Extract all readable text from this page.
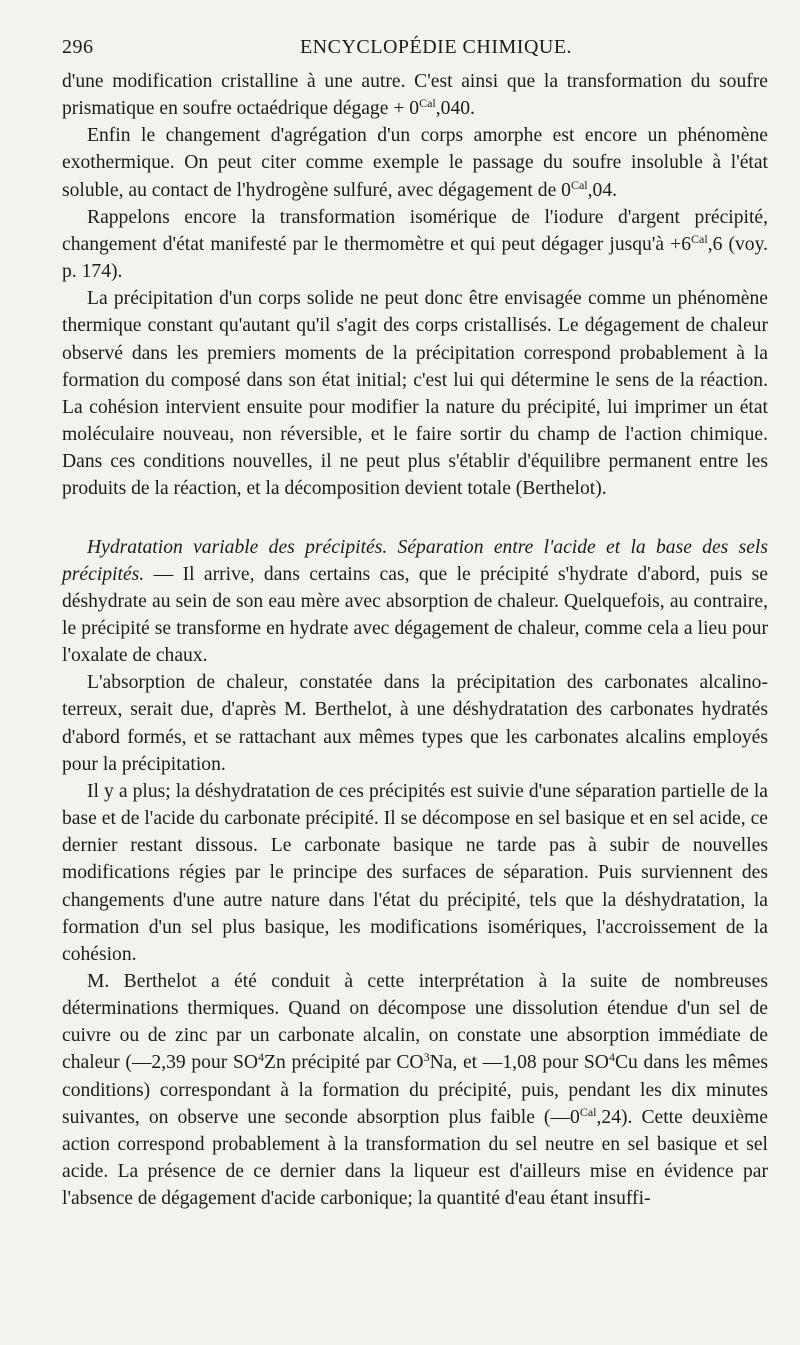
296	ENCYCLOPÉDIE CHIMIQUE.

d'une modification cristalline à une autre. C'est ainsi que la transformation du soufre prismatique en soufre octaédrique dégage + $0^{Cal},040$.

Enfin le changement d'agrégation d'un corps amorphe est encore un phénomène exothermique. On peut citer comme exemple le passage du soufre insoluble à l'état soluble, au contact de l'hydrogène sulfuré, avec dégagement de $0^{Cal},04$.

Rappelons encore la transformation isomérique de l'iodure d'argent précipité, changement d'état manifesté par le thermomètre et qui peut dégager jusqu'à $+6^{Cal},6$ (voy. p. 174).

La précipitation d'un corps solide ne peut donc être envisagée comme un phénomène thermique constant qu'autant qu'il s'agit des corps cristallisés. Le dégagement de chaleur observé dans les premiers moments de la précipitation correspond probablement à la formation du composé dans son état initial; c'est lui qui détermine le sens de la réaction. La cohésion intervient ensuite pour modifier la nature du précipité, lui imprimer un état moléculaire nouveau, non réversible, et le faire sortir du champ de l'action chimique. Dans ces conditions nouvelles, il ne peut plus s'établir d'équilibre permanent entre les produits de la réaction, et la décomposition devient totale (Berthelot).

Hydratation variable des précipités. Séparation entre l'acide et la base des sels précipités. — Il arrive, dans certains cas, que le précipité s'hydrate d'abord, puis se déshydrate au sein de son eau mère avec absorption de chaleur. Quelquefois, au contraire, le précipité se transforme en hydrate avec dégagement de chaleur, comme cela a lieu pour l'oxalate de chaux.

L'absorption de chaleur, constatée dans la précipitation des carbonates alcalino-terreux, serait due, d'après M. Berthelot, à une déshydratation des carbonates hydratés d'abord formés, et se rattachant aux mêmes types que les carbonates alcalins employés pour la précipitation.

Il y a plus; la déshydratation de ces précipités est suivie d'une séparation partielle de la base et de l'acide du carbonate précipité. Il se décompose en sel basique et en sel acide, ce dernier restant dissous. Le carbonate basique ne tarde pas à subir de nouvelles modifications régies par le principe des surfaces de séparation. Puis surviennent des changements d'une autre nature dans l'état du précipité, tels que la déshydratation, la formation d'un sel plus basique, les modifications isomériques, l'accroissement de la cohésion.

M. Berthelot a été conduit à cette interprétation à la suite de nombreuses déterminations thermiques. Quand on décompose une dissolution étendue d'un sel de cuivre ou de zinc par un carbonate alcalin, on constate une absorption immédiate de chaleur (—2,39 pour $SO^4Zn$ précipité par $CO^3Na$, et —1,08 pour $SO^4Cu$ dans les mêmes conditions) correspondant à la formation du précipité, puis, pendant les dix minutes suivantes, on observe une seconde absorption plus faible $(—0^{Cal},24)$. Cette deuxième action correspond probablement à la transformation du sel neutre en sel basique et sel acide. La présence de ce dernier dans la liqueur est d'ailleurs mise en évidence par l'absence de dégagement d'acide carbonique; la quantité d'eau étant insuffi-
